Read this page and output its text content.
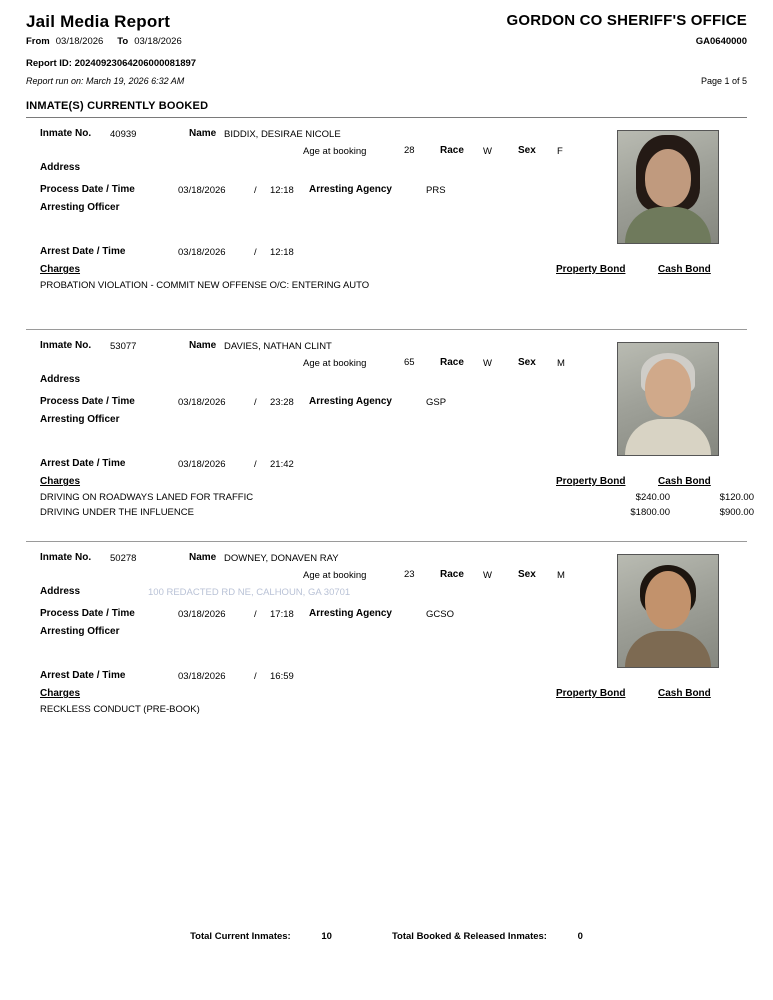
Jail Media Report	GORDON CO SHERIFF'S OFFICE
From 03/18/2026 To 03/18/2026	GA0640000
Report ID: 20240923064206000081897
Report run on: March 19, 2026 6:32 AM	Page 1 of 5
INMATE(S) CURRENTLY BOOKED
Inmate No. 40939	Name BIDDIX, DESIRAE NICOLE
Age at booking	28	Race W	Sex F
Address
Process Date / Time	03/18/2026	/ 12:18 Arresting Agency	PRS
Arresting Officer
Arrest Date / Time	03/18/2026	/ 12:18
Charges	Property Bond	Cash Bond
PROBATION VIOLATION - COMMIT NEW OFFENSE O/C: ENTERING AUTO
Inmate No. 53077	Name DAVIES, NATHAN CLINT
Age at booking	65	Race W	Sex M
Address
Process Date / Time	03/18/2026	/ 23:28 Arresting Agency	GSP
Arresting Officer
Arrest Date / Time	03/18/2026	/ 21:42
Charges	Property Bond	Cash Bond
DRIVING ON ROADWAYS LANED FOR TRAFFIC	$240.00	$120.00
DRIVING UNDER THE INFLUENCE	$1800.00	$900.00
Inmate No. 50278	Name DOWNEY, DONAVEN RAY
Age at booking	23	Race W	Sex M
Address	100 REDACTED RD NE, CALHOUN, GA 30701
Process Date / Time	03/18/2026	/ 17:18 Arresting Agency	GCSO
Arresting Officer
Arrest Date / Time	03/18/2026	/ 16:59
Charges	Property Bond	Cash Bond
RECKLESS CONDUCT (PRE-BOOK)
Total Current Inmates:	10	Total Booked & Released Inmates:	0
